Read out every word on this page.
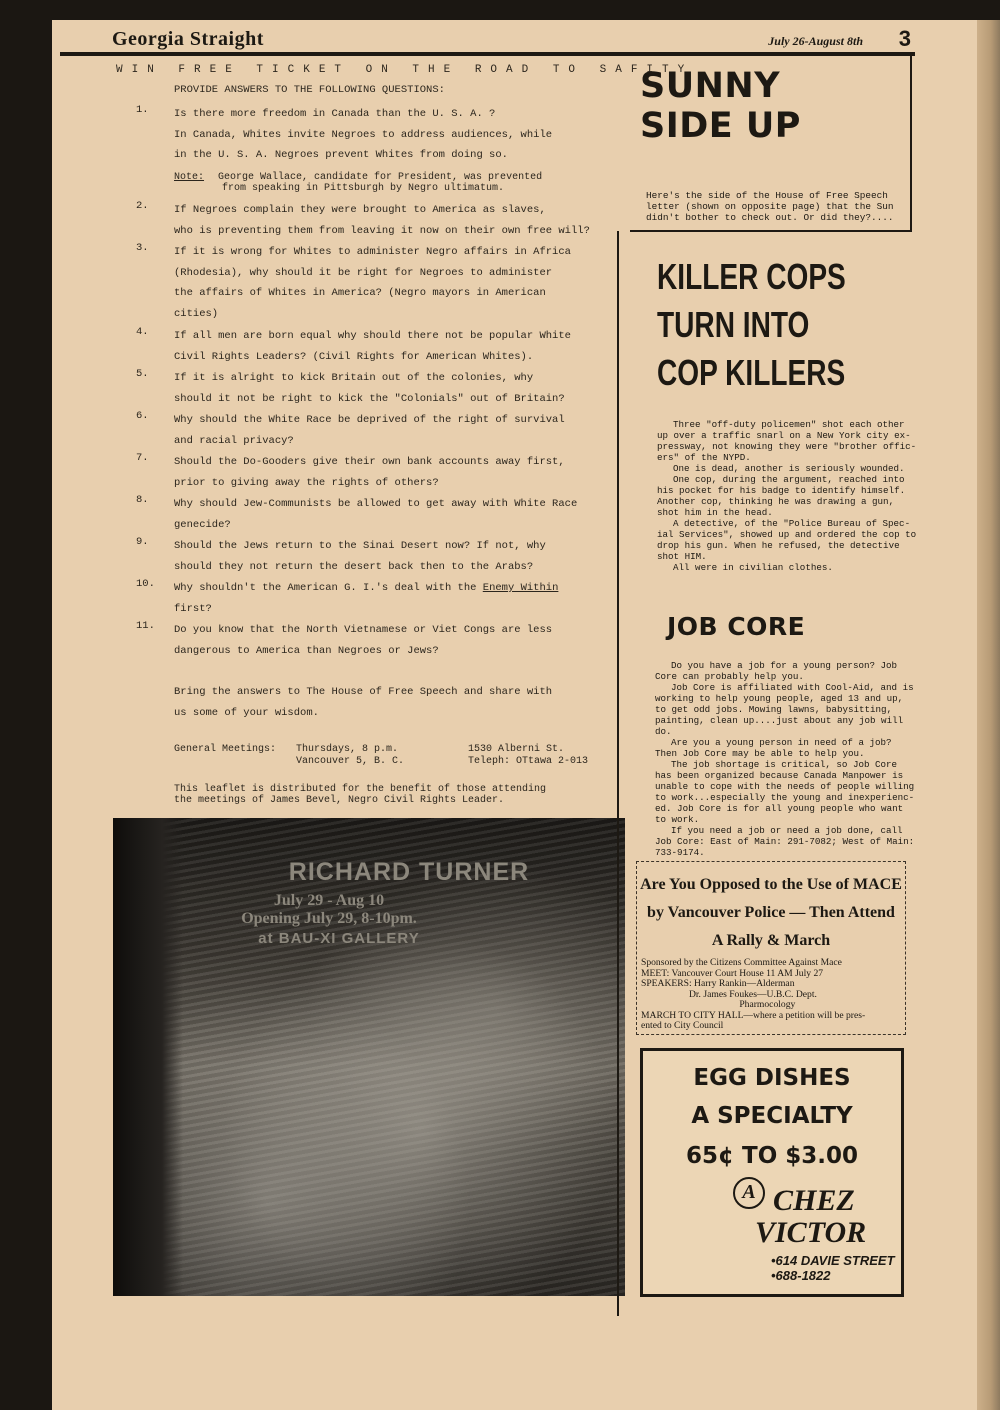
Georgia Straight	July 26-August 8th 3
WIN FREE TICKET ON THE ROAD TO SAFITY
PROVIDE ANSWERS TO THE FOLLOWING QUESTIONS:
1.	Is there more freedom in Canada than the U. S. A. ?
In Canada, Whites invite Negroes to address audiences, while
in the U. S. A. Negroes prevent Whites from doing so.
Note: George Wallace, candidate for President, was prevented
from speaking in Pittsburgh by Negro ultimatum.
2.	If Negroes complain they were brought to America as slaves,
who is preventing them from leaving it now on their own free will?
3.	If it is wrong for Whites to administer Negro affairs in Africa
(Rhodesia), why should it be right for Negroes to administer
the affairs of Whites in America? (Negro mayors in American
cities)
4.	If all men are born equal why should there not be popular White
Civil Rights Leaders? (Civil Rights for American Whites).
5.	If it is alright to kick Britain out of the colonies, why
should it not be right to kick the "Colonials" out of Britain?
6.	Why should the White Race be deprived of the right of survival
and racial privacy?
7.	Should the Do-Gooders give their own bank accounts away first,
prior to giving away the rights of others?
8.	Why should Jew-Communists be allowed to get away with White Race
genecide?
9.	Should the Jews return to the Sinai Desert now? If not, why
should they not return the desert back then to the Arabs?
10.	Why shouldn't the American G. I.'s deal with the Enemy Within
first?
11.	Do you know that the North Vietnamese or Viet Congs are less
dangerous to America than Negroes or Jews?
Bring the answers to The House of Free Speech and share with
us some of your wisdom.
General Meetings: Thursdays, 8 p.m.	1530 Alberni St.
Vancouver 5, B. C.	Teleph: OTtawa 2-013
This leaflet is distributed for the benefit of those attending
the meetings of James Bevel, Negro Civil Rights Leader.
RICHARD TURNER
July 29 - Aug 10
Opening July 29, 8-10pm.
at BAU-XI GALLERY
SUNNY
SIDE UP
Here's the side of the House of Free Speech
letter (shown on opposite page) that the Sun
didn't bother to check out. Or did they?....
KILLER COPS
TURN INTO
COP KILLERS
Three "off-duty policemen" shot each other
up over a traffic snarl on a New York city ex-
pressway, not knowing they were "brother offic-
ers" of the NYPD.
One is dead, another is seriously wounded.
One cop, during the argument, reached into
his pocket for his badge to identify himself.
Another cop, thinking he was drawing a gun,
shot him in the head.
A detective, of the "Police Bureau of Spec-
ial Services", showed up and ordered the cop to
drop his gun. When he refused, the detective
shot HIM.
All were in civilian clothes.
JOB CORE
Do you have a job for a young person? Job
Core can probably help you.
Job Core is affiliated with Cool-Aid, and is
working to help young people, aged 13 and up,
to get odd jobs. Mowing lawns, babysitting,
painting, clean up....just about any job will
do.
Are you a young person in need of a job?
Then Job Core may be able to help you.
The job shortage is critical, so Job Core
has been organized because Canada Manpower is
unable to cope with the needs of people willing
to work...especially the young and inexperienc-
ed. Job Core is for all young people who want
to work.
If you need a job or need a job done, call
Job Core: East of Main: 291-7082; West of Main:
733-9174.
Are You Opposed to the Use of MACE
by Vancouver Police — Then Attend
A Rally & March
Sponsored by the Citizens Committee Against Mace
MEET: Vancouver Court House 11 AM July 27
SPEAKERS: Harry Rankin—Alderman
Dr. James Foukes—U.B.C. Dept.
Pharmocology
MARCH TO CITY HALL—where a petition will be pres-
ented to City Council
EGG DISHES
A SPECIALTY
65¢ TO $3.00
A CHEZ
VICTOR
•614 DAVIE STREET
•688-1822
